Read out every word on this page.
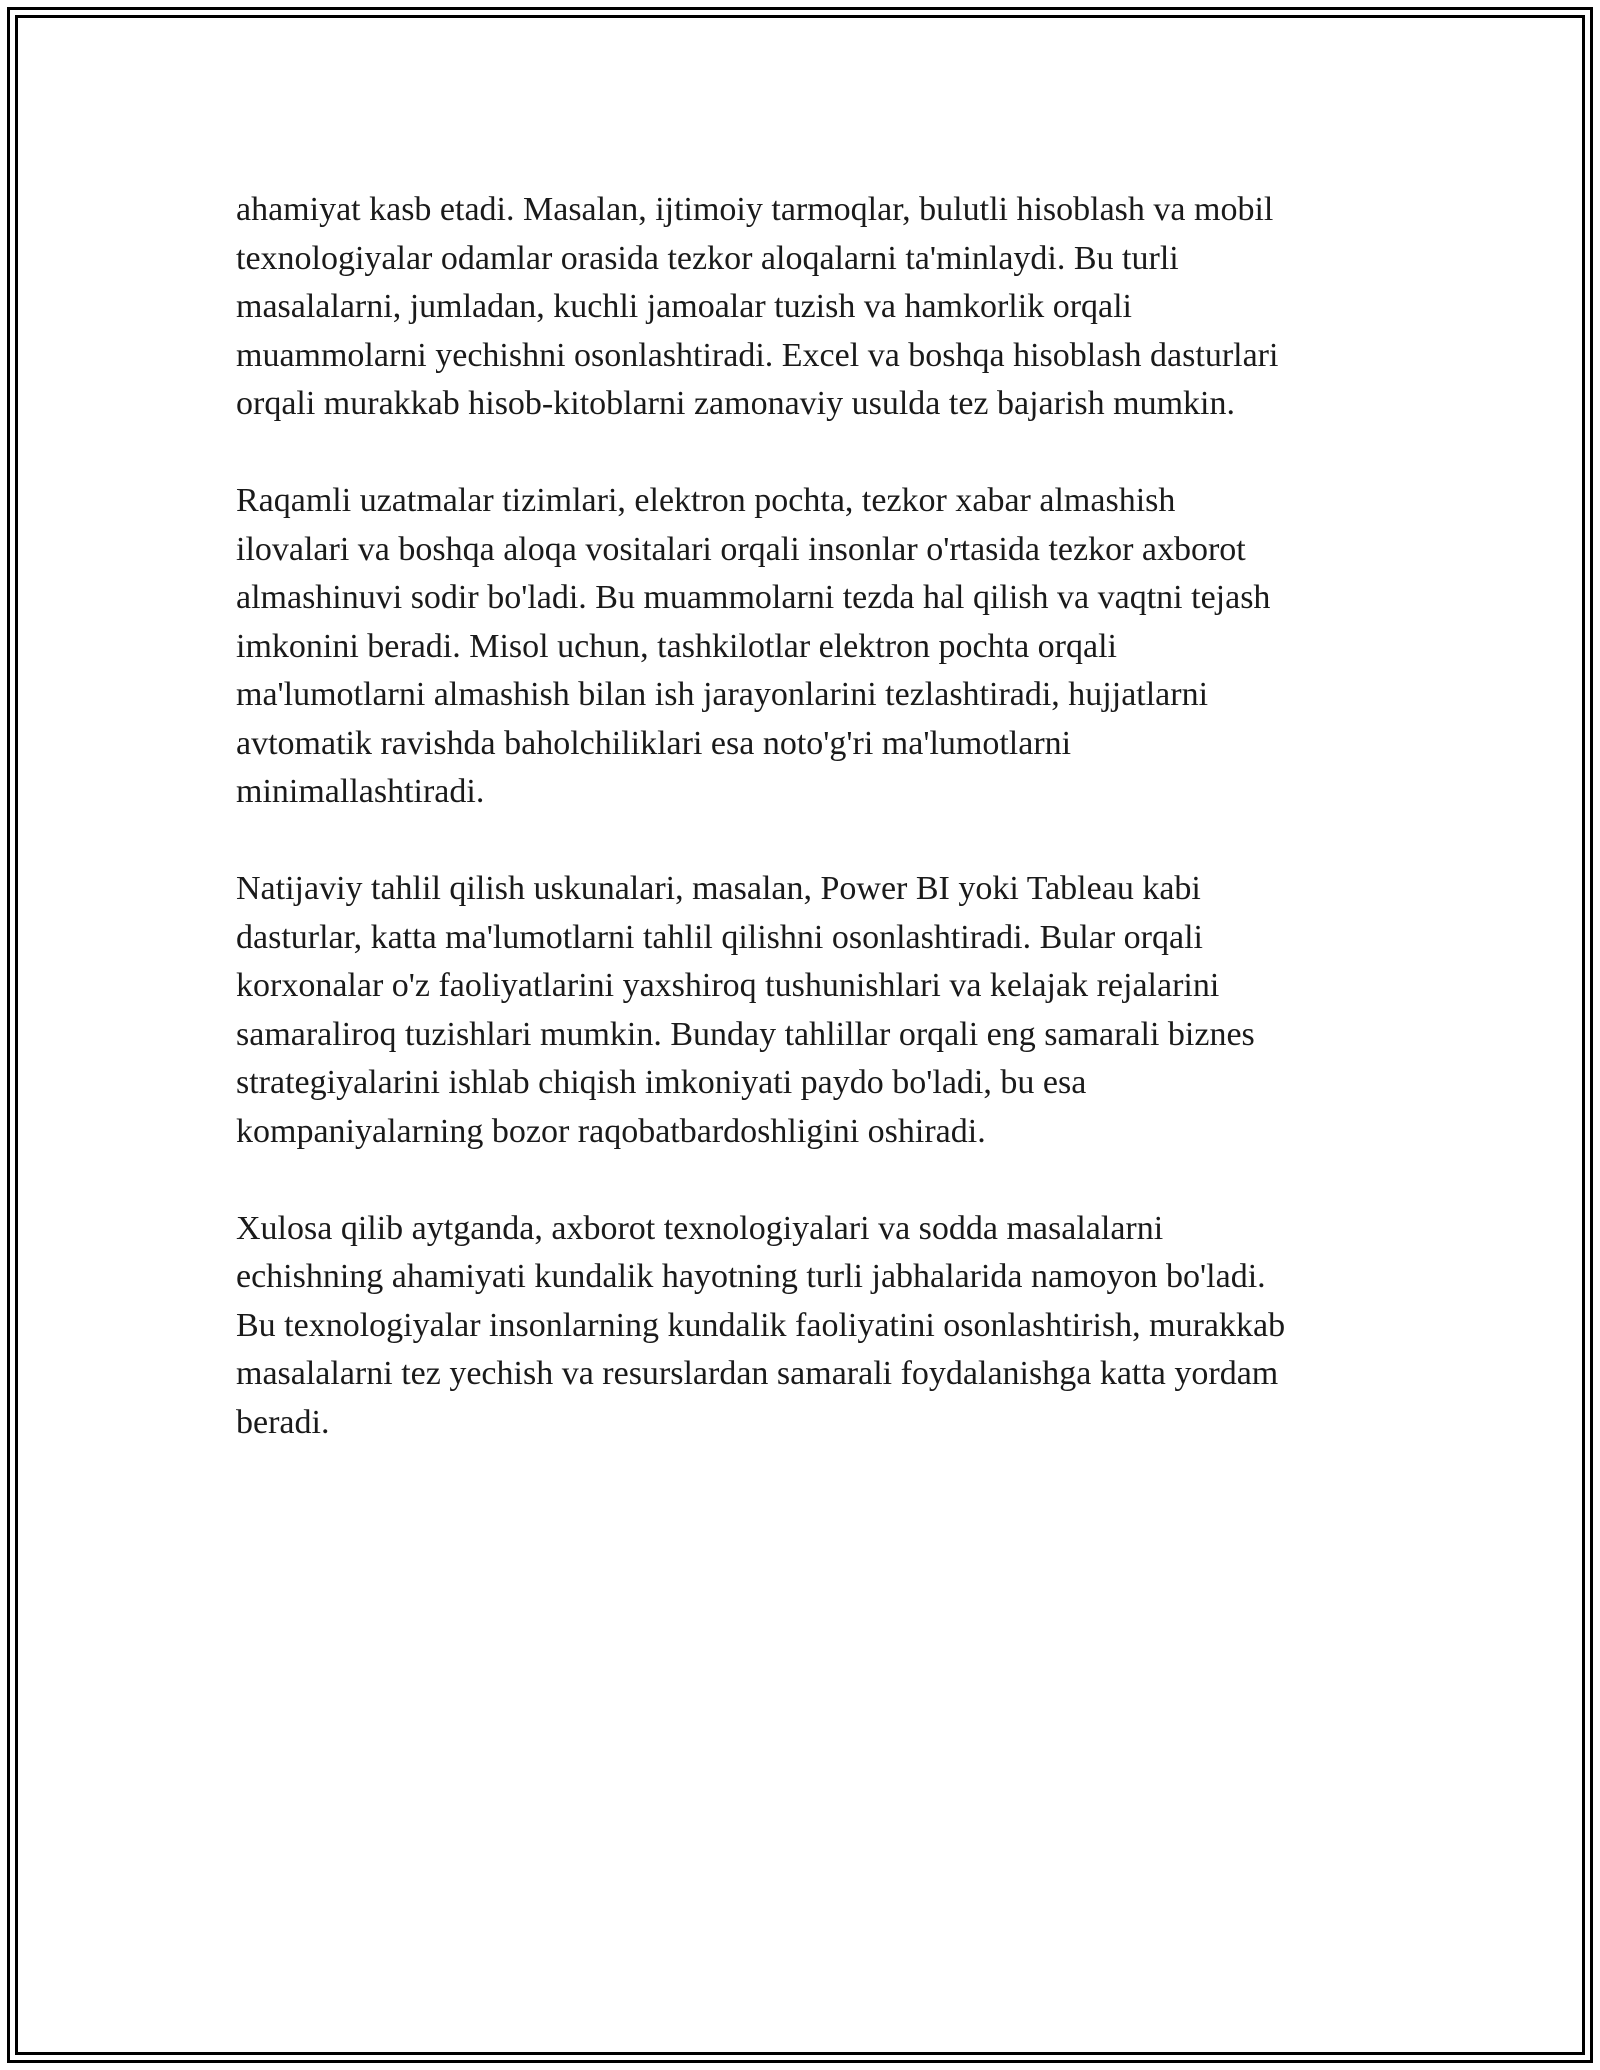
ahamiyat kasb etadi. Masalan, ijtimoiy tarmoqlar, bulutli hisoblash va mobil
texnologiyalar odamlar orasida tezkor aloqalarni ta'minlaydi. Bu turli
masalalarni, jumladan, kuchli jamoalar tuzish va hamkorlik orqali
muammolarni yechishni osonlashtiradi. Excel va boshqa hisoblash dasturlari
orqali murakkab hisob-kitoblarni zamonaviy usulda tez bajarish mumkin.

Raqamli uzatmalar tizimlari, elektron pochta, tezkor xabar almashish
ilovalari va boshqa aloqa vositalari orqali insonlar o'rtasida tezkor axborot
almashinuvi sodir bo'ladi. Bu muammolarni tezda hal qilish va vaqtni tejash
imkonini beradi. Misol uchun, tashkilotlar elektron pochta orqali
ma'lumotlarni almashish bilan ish jarayonlarini tezlashtiradi, hujjatlarni
avtomatik ravishda baholchiliklari esa noto'g'ri ma'lumotlarni
minimallashtiradi.

Natijaviy tahlil qilish uskunalari, masalan, Power BI yoki Tableau kabi
dasturlar, katta ma'lumotlarni tahlil qilishni osonlashtiradi. Bular orqali
korxonalar o'z faoliyatlarini yaxshiroq tushunishlari va kelajak rejalarini
samaraliroq tuzishlari mumkin. Bunday tahlillar orqali eng samarali biznes
strategiyalarini ishlab chiqish imkoniyati paydo bo'ladi, bu esa
kompaniyalarning bozor raqobatbardoshligini oshiradi.

Xulosa qilib aytganda, axborot texnologiyalari va sodda masalalarni
echishning ahamiyati kundalik hayotning turli jabhalarida namoyon bo'ladi.
Bu texnologiyalar insonlarning kundalik faoliyatini osonlashtirish, murakkab
masalalarni tez yechish va resurslardan samarali foydalanishga katta yordam
beradi.
